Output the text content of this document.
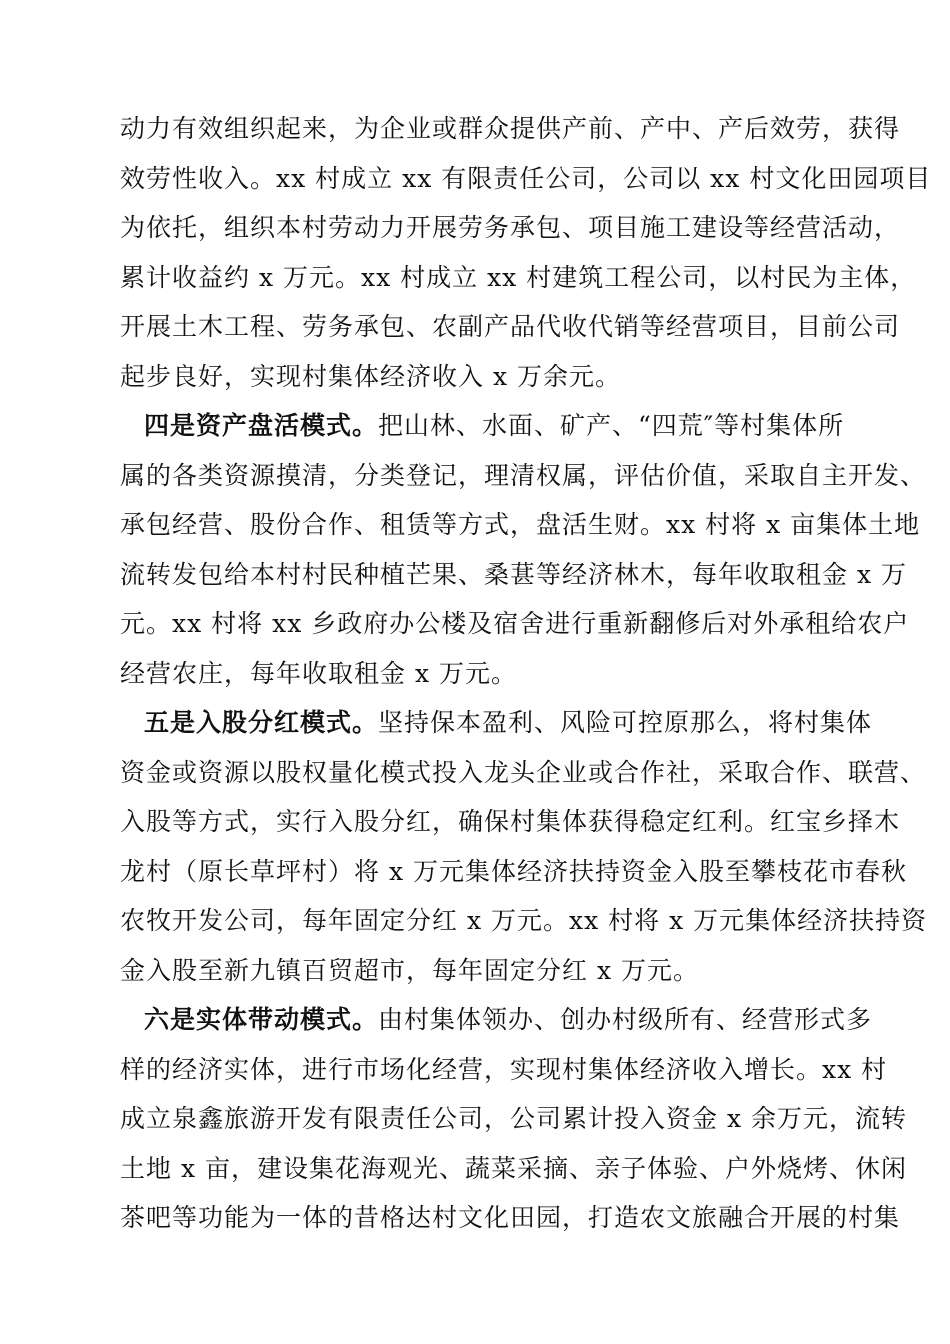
动力有效组织起来，为企业或群众提供产前、产中、产后效劳，获得
效劳性收入。xx 村成立 xx 有限责任公司，公司以 xx 村文化田园项目
为依托，组织本村劳动力开展劳务承包、项目施工建设等经营活动，
累计收益约 x 万元。xx 村成立 xx 村建筑工程公司，以村民为主体，
开展土木工程、劳务承包、农副产品代收代销等经营项目，目前公司
起步良好，实现村集体经济收入 x 万余元。
四是资产盘活模式。把山林、水面、矿产、“四荒″等村集体所
属的各类资源摸清，分类登记，理清权属，评估价值，采取自主开发、
承包经营、股份合作、租赁等方式，盘活生财。xx 村将 x 亩集体土地
流转发包给本村村民种植芒果、桑葚等经济林木，每年收取租金 x 万
元。xx 村将 xx 乡政府办公楼及宿舍进行重新翻修后对外承租给农户
经营农庄，每年收取租金 x 万元。
五是入股分红模式。坚持保本盈利、风险可控原那么，将村集体
资金或资源以股权量化模式投入龙头企业或合作社，采取合作、联营、
入股等方式，实行入股分红，确保村集体获得稳定红利。红宝乡择木
龙村（原长草坪村）将 x 万元集体经济扶持资金入股至攀枝花市春秋
农牧开发公司，每年固定分红 x 万元。xx 村将 x 万元集体经济扶持资
金入股至新九镇百贸超市，每年固定分红 x 万元。
六是实体带动模式。由村集体领办、创办村级所有、经营形式多
样的经济实体，进行市场化经营，实现村集体经济收入增长。xx 村
成立泉鑫旅游开发有限责任公司，公司累计投入资金 x 余万元，流转
土地 x 亩，建设集花海观光、蔬菜采摘、亲子体验、户外烧烤、休闲
茶吧等功能为一体的昔格达村文化田园，打造农文旅融合开展的村集
